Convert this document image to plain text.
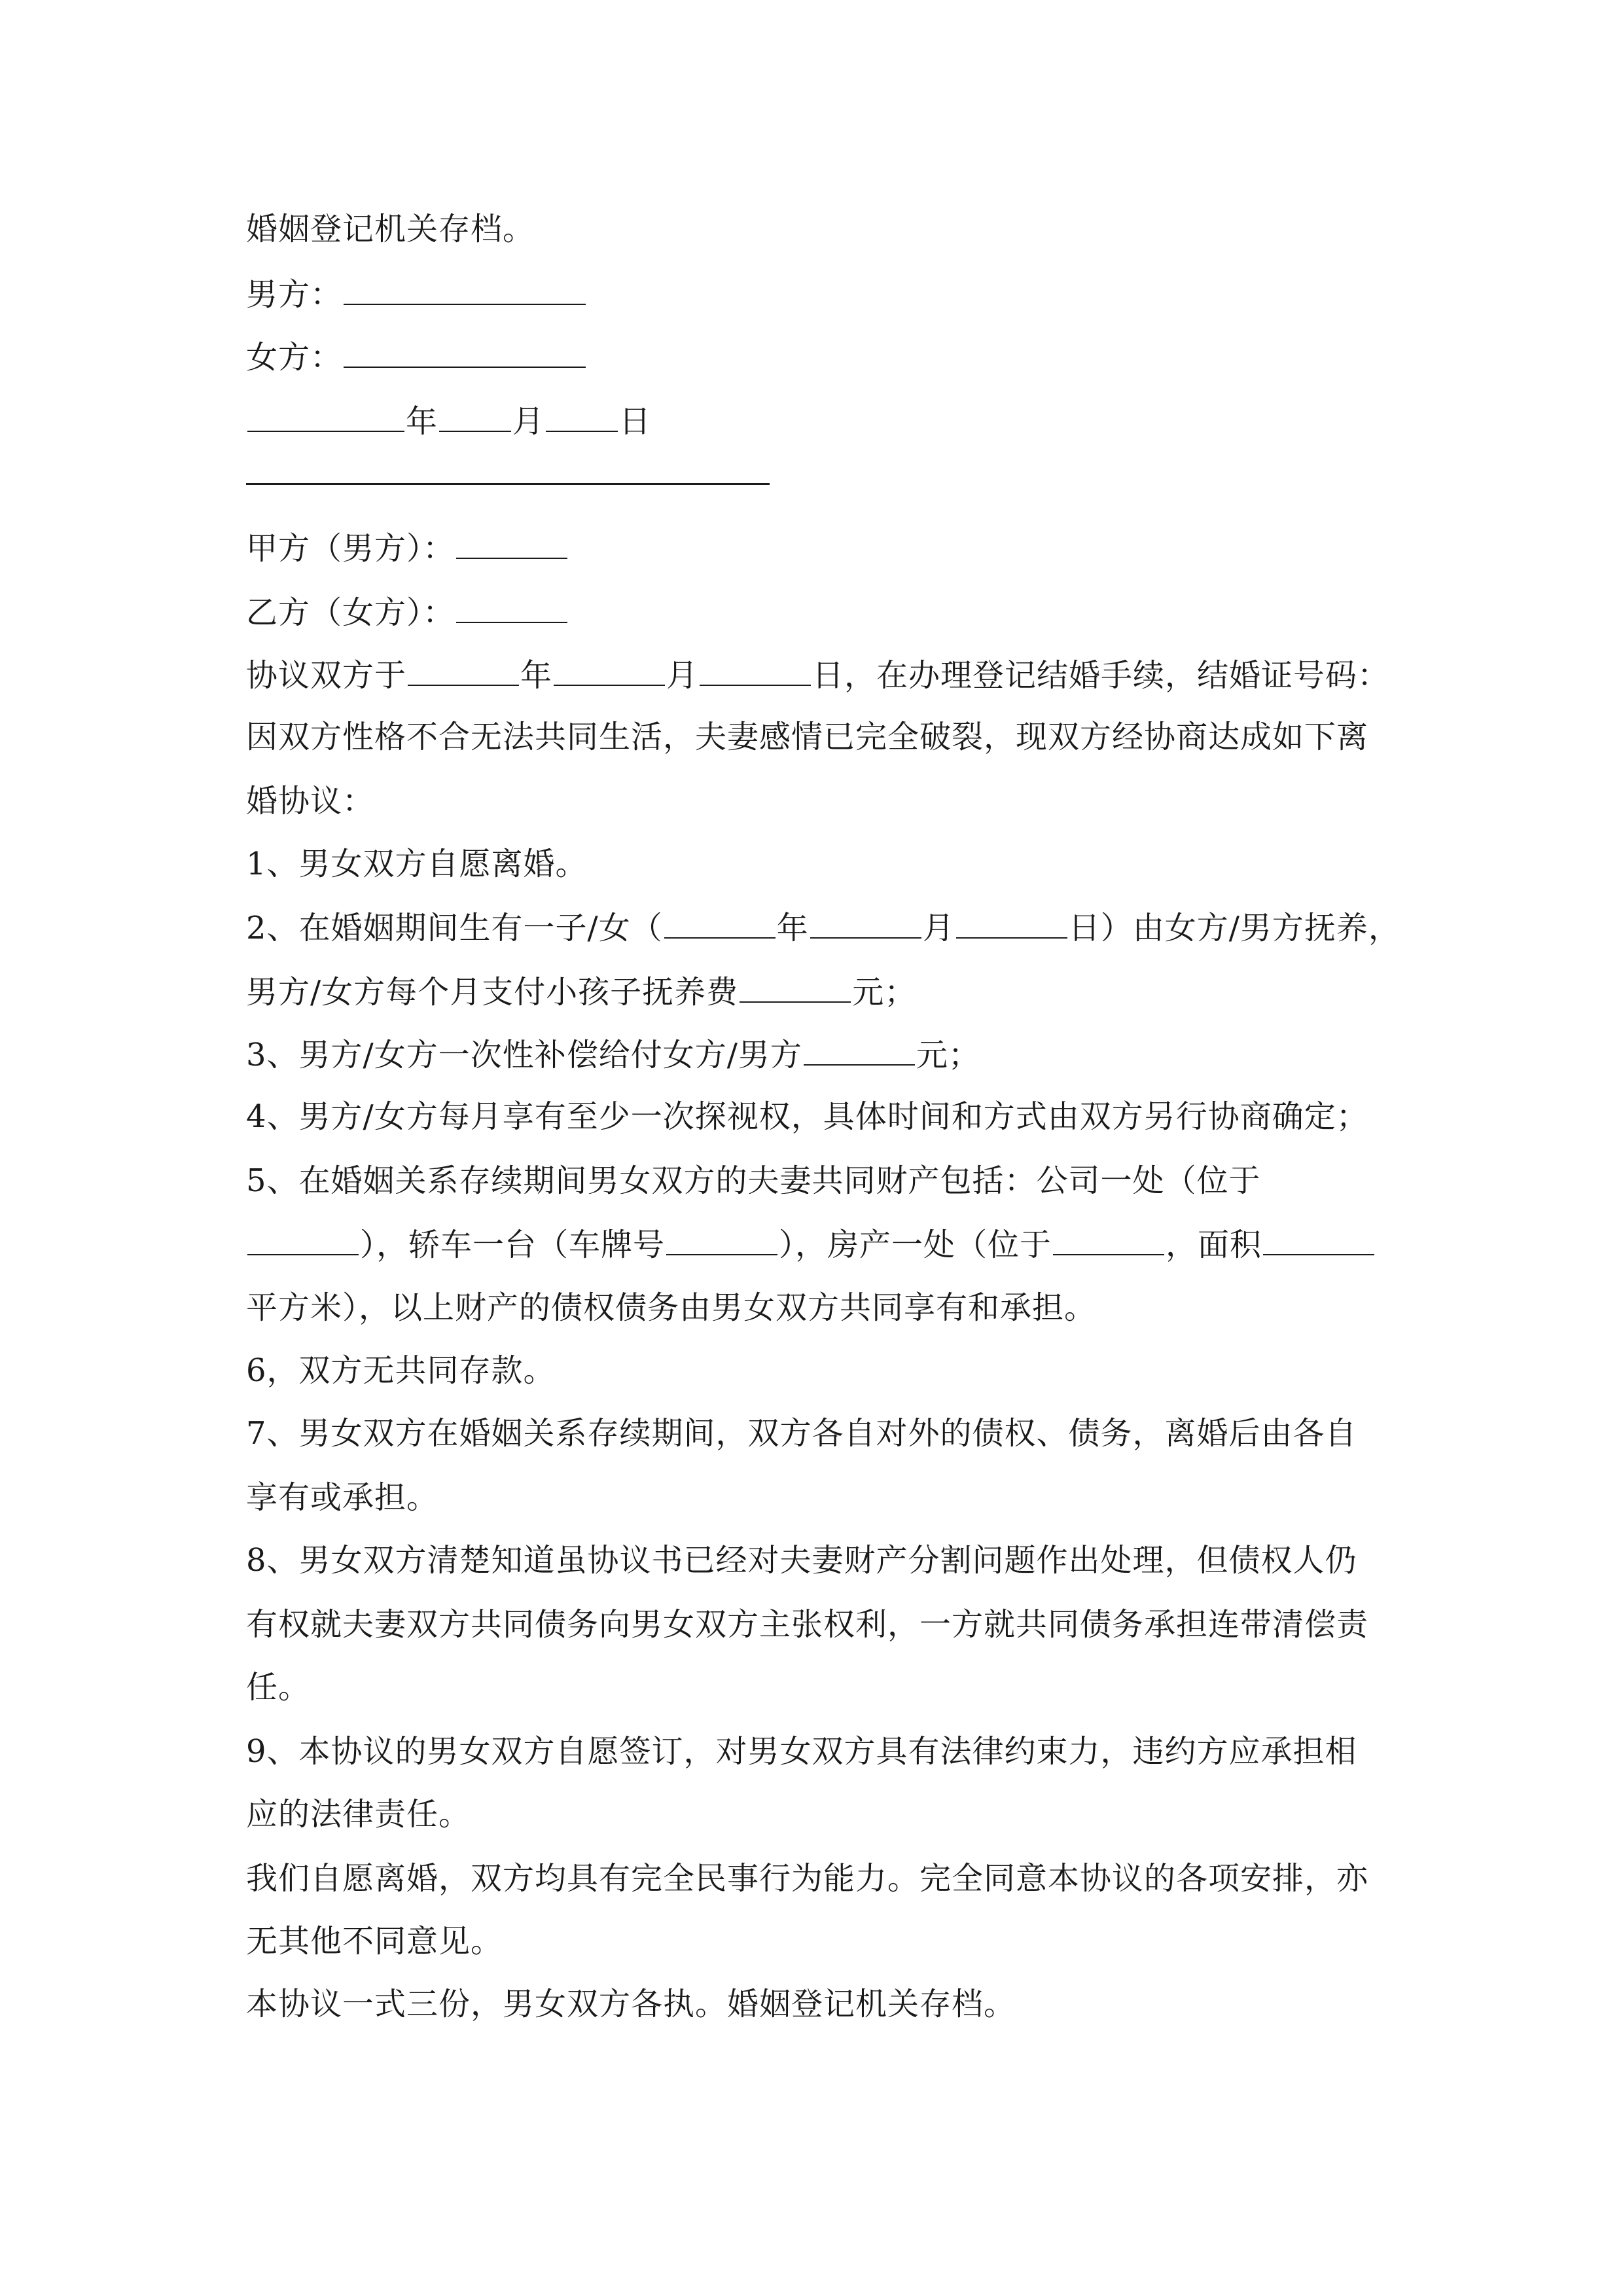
婚姻登记机关存档。

男方：

女方：

年 月 日

甲方（男方）：

乙方（女方）：

协议双方于	年	月	日，在办理登记结婚手续，结婚证号码：

因双方性格不合无法共同生活，夫妻感情已完全破裂，现双方经协商达成如下离

婚协议：

1、男女双方自愿离婚。

2、在婚姻期间生有一子/女（	年	月	日）由女方/男方抚养，

男方/女方每个月支付小孩子抚养费	元；

3、男方/女方一次性补偿给付女方/男方	元；

4、男方/女方每月享有至少一次探视权，具体时间和方式由双方另行协商确定；

5、在婚姻关系存续期间男女双方的夫妻共同财产包括：公司一处（位于

），轿车一台（车牌号	），房产一处（位于	，面积

平方米），以上财产的债权债务由男女双方共同享有和承担。

6，双方无共同存款。

7、男女双方在婚姻关系存续期间，双方各自对外的债权、债务，离婚后由各自

享有或承担。

8、男女双方清楚知道虽协议书已经对夫妻财产分割问题作出处理，但债权人仍

有权就夫妻双方共同债务向男女双方主张权利，一方就共同债务承担连带清偿责

任。

9、本协议的男女双方自愿签订，对男女双方具有法律约束力，违约方应承担相

应的法律责任。

我们自愿离婚，双方均具有完全民事行为能力。完全同意本协议的各项安排，亦

无其他不同意见。

本协议一式三份，男女双方各执。婚姻登记机关存档。
